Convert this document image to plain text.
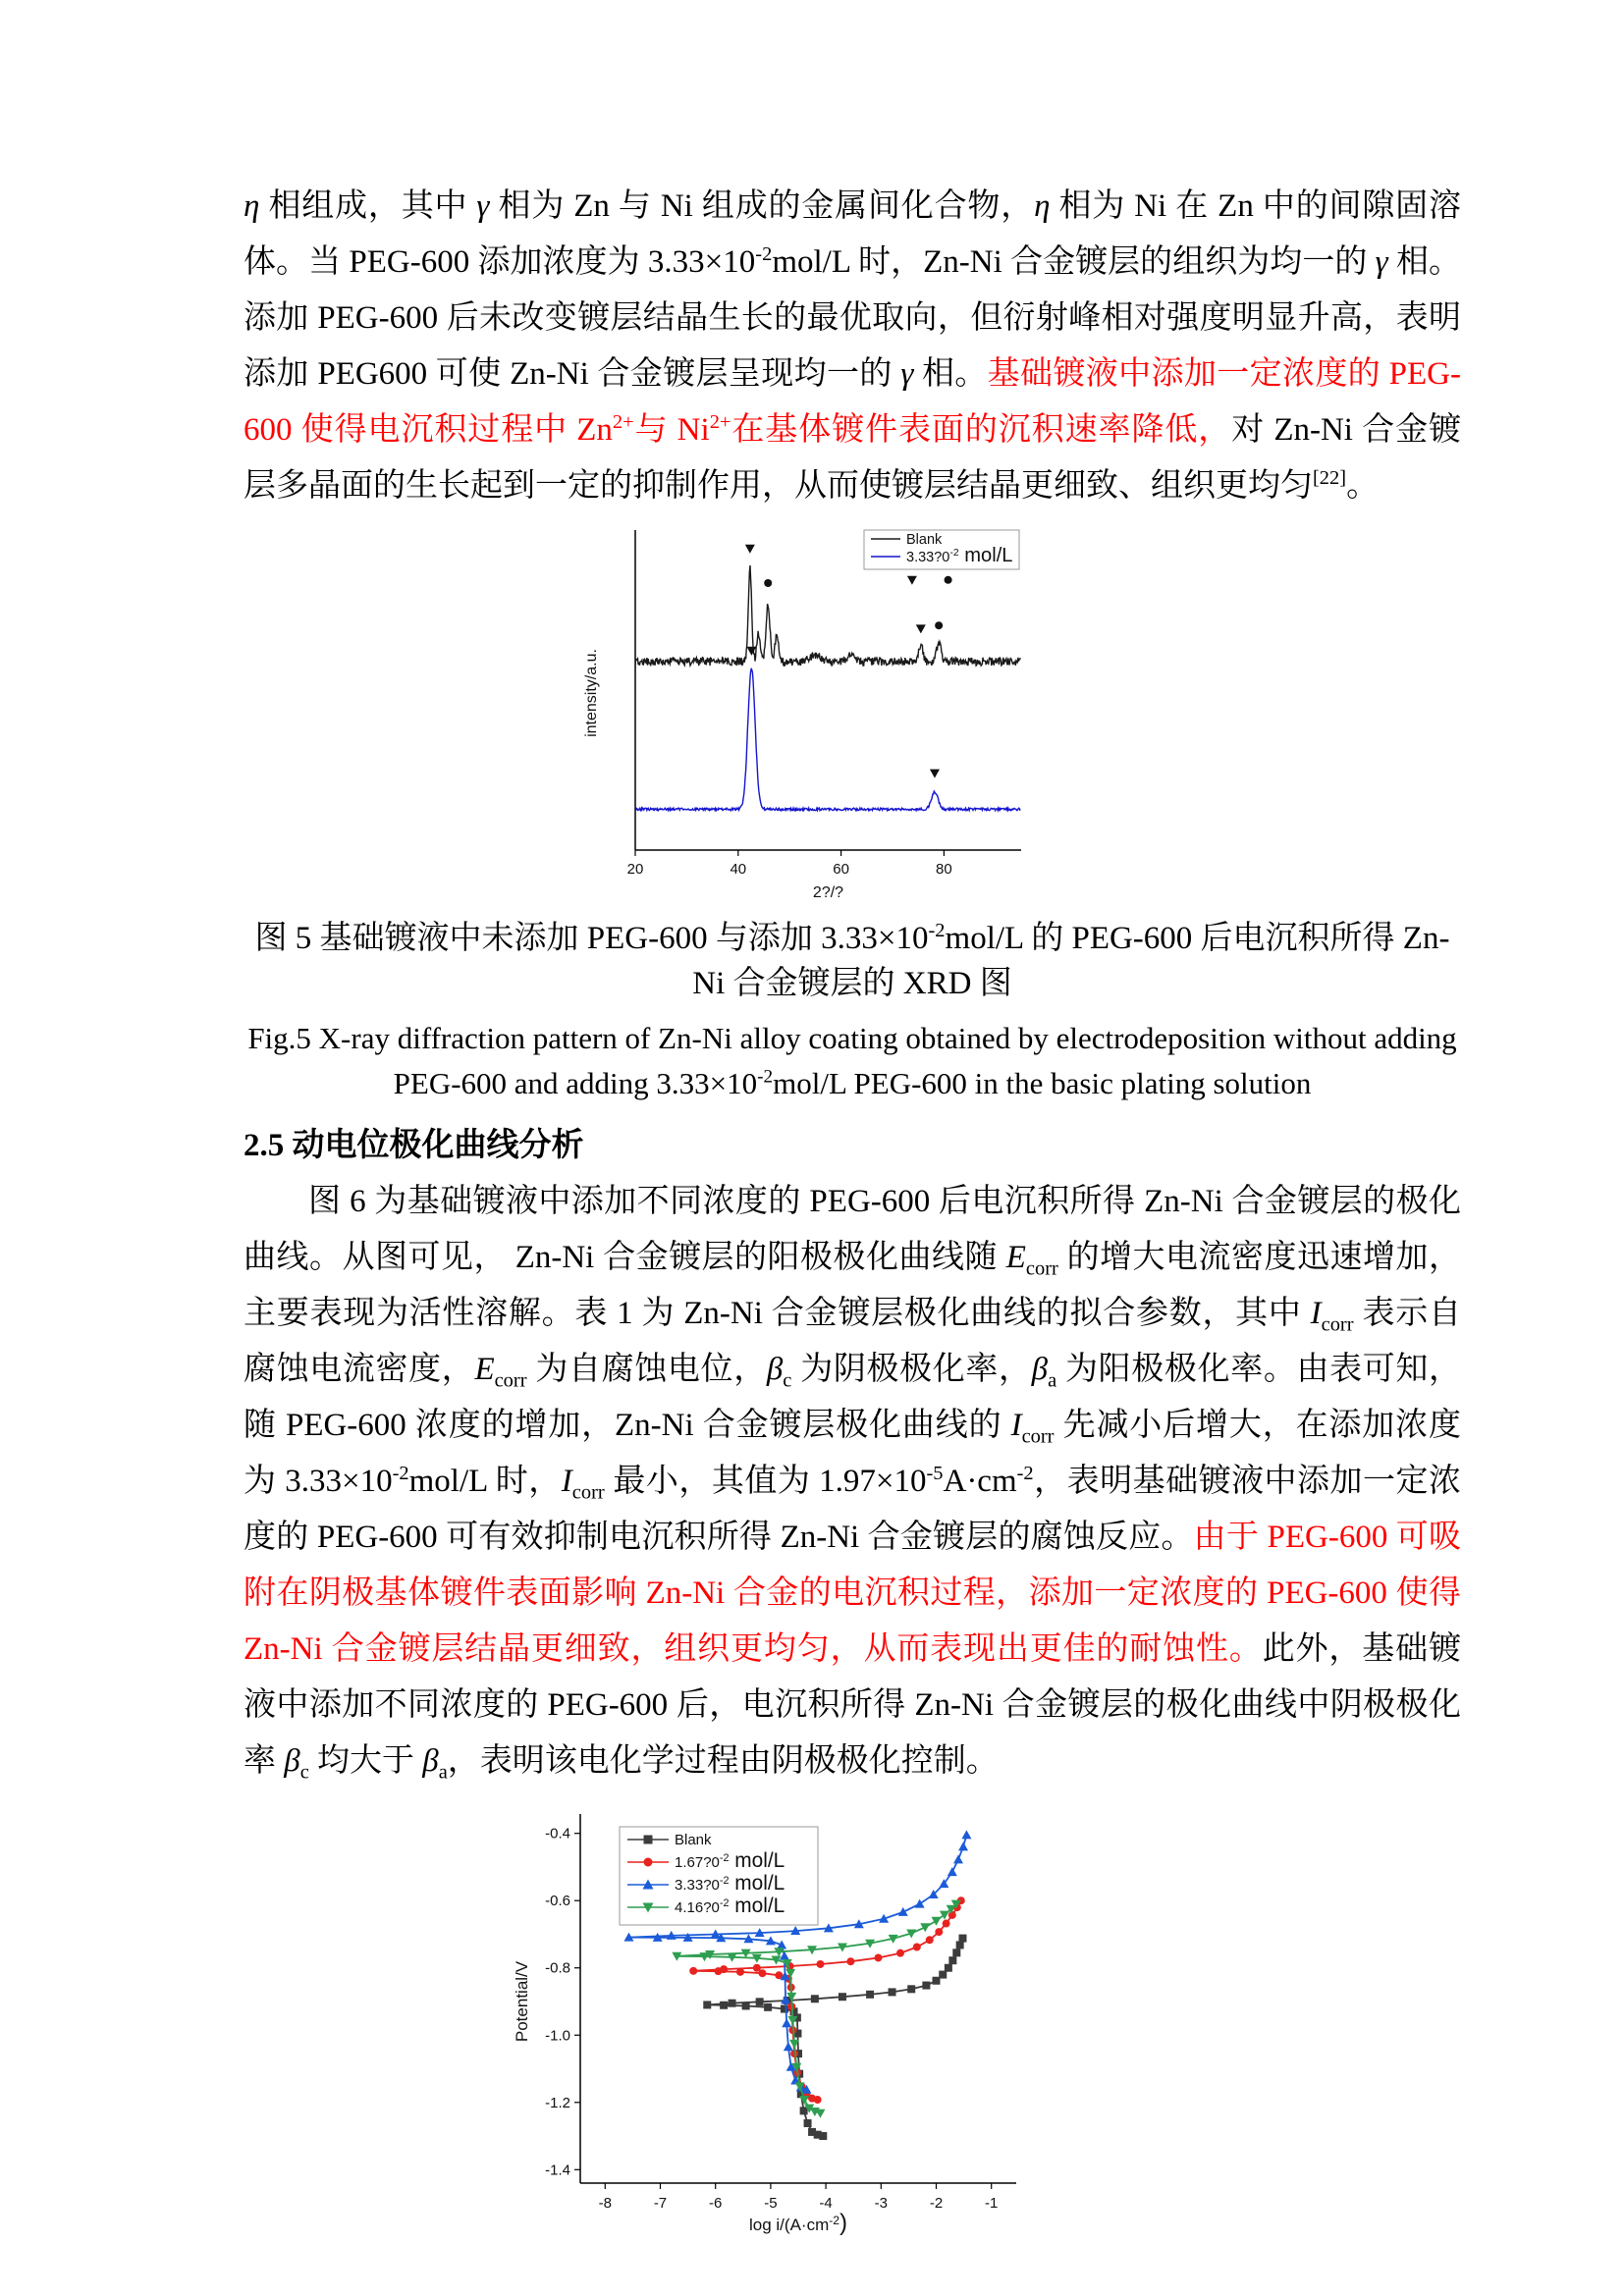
η 相组成，其中 γ 相为 Zn 与 Ni 组成的金属间化合物，η 相为 Ni 在 Zn 中的间隙固溶体。当 PEG-600 添加浓度为 $3.33\times 10^{-2}mol/L$ 时，Zn-Ni 合金镀层的组织为均一的 γ 相。添加 PEG-600 后未改变镀层结晶生长的最优取向，但衍射峰相对强度明显升高，表明添加 PEG600 可使 Zn-Ni 合金镀层呈现均一的 γ 相。基础镀液中添加一定浓度的 PEG-600 使得电沉积过程中 $Zn^{2+}$与 $Ni^{2+}$在基体镀件表面的沉积速率降低，对 Zn-Ni 合金镀层多晶面的生长起到一定的抑制作用，从而使镀层结晶更细致、组织更均匀[22]。

20	40	60	80
2?/?
intensity/a.u.
Blank
$3.33?0^{-2}$ mol/L

图 5 基础镀液中未添加 PEG-600 与添加 $3.33\times 10^{-2}mol/L$ 的 PEG-600 后电沉积所得 Zn-Ni 合金镀层的 XRD 图

Fig.5 X-ray diffraction pattern of Zn-Ni alloy coating obtained by electrodeposition without adding PEG-600 and adding $3.33\times 10^{-2}mol/L$ PEG-600 in the basic plating solution

2.5 动电位极化曲线分析

图 6 为基础镀液中添加不同浓度的 PEG-600 后电沉积所得 Zn-Ni 合金镀层的极化曲线。从图可见， Zn-Ni 合金镀层的阳极极化曲线随 $E_{corr}$ 的增大电流密度迅速增加，主要表现为活性溶解。表 1 为 Zn-Ni 合金镀层极化曲线的拟合参数，其中 $I_{corr}$ 表示自腐蚀电流密度，$E_{corr}$ 为自腐蚀电位，$\beta_c$ 为阴极极化率，$\beta_a$ 为阳极极化率。由表可知，随 PEG-600 浓度的增加，Zn-Ni 合金镀层极化曲线的 $I_{corr}$ 先减小后增大，在添加浓度为 $3.33\times 10^{-2}mol/L$ 时，$I_{corr}$ 最小，其值为 $1.97\times 10^{-5}A\cdot cm^{-2}$，表明基础镀液中添加一定浓度的 PEG-600 可有效抑制电沉积所得 Zn-Ni 合金镀层的腐蚀反应。由于 PEG-600 可吸附在阴极基体镀件表面影响 Zn-Ni 合金的电沉积过程，添加一定浓度的 PEG-600 使得 Zn-Ni 合金镀层结晶更细致，组织更均匀，从而表现出更佳的耐蚀性。此外，基础镀液中添加不同浓度的 PEG-600 后，电沉积所得 Zn-Ni 合金镀层的极化曲线中阴极极化率 $\beta_c$ 均大于 $\beta_a$，表明该电化学过程由阴极极化控制。

-8	-7	-6	-5	-4	-3	-2	-1
-1.4
-1.2
-1.0
-0.8
-0.6
-0.4
$\log i/(A\cdot cm^{-2})$
Potential/V
Blank
$1.67?0^{-2}$ mol/L
$3.33?0^{-2}$ mol/L
$4.16?0^{-2}$ mol/L
